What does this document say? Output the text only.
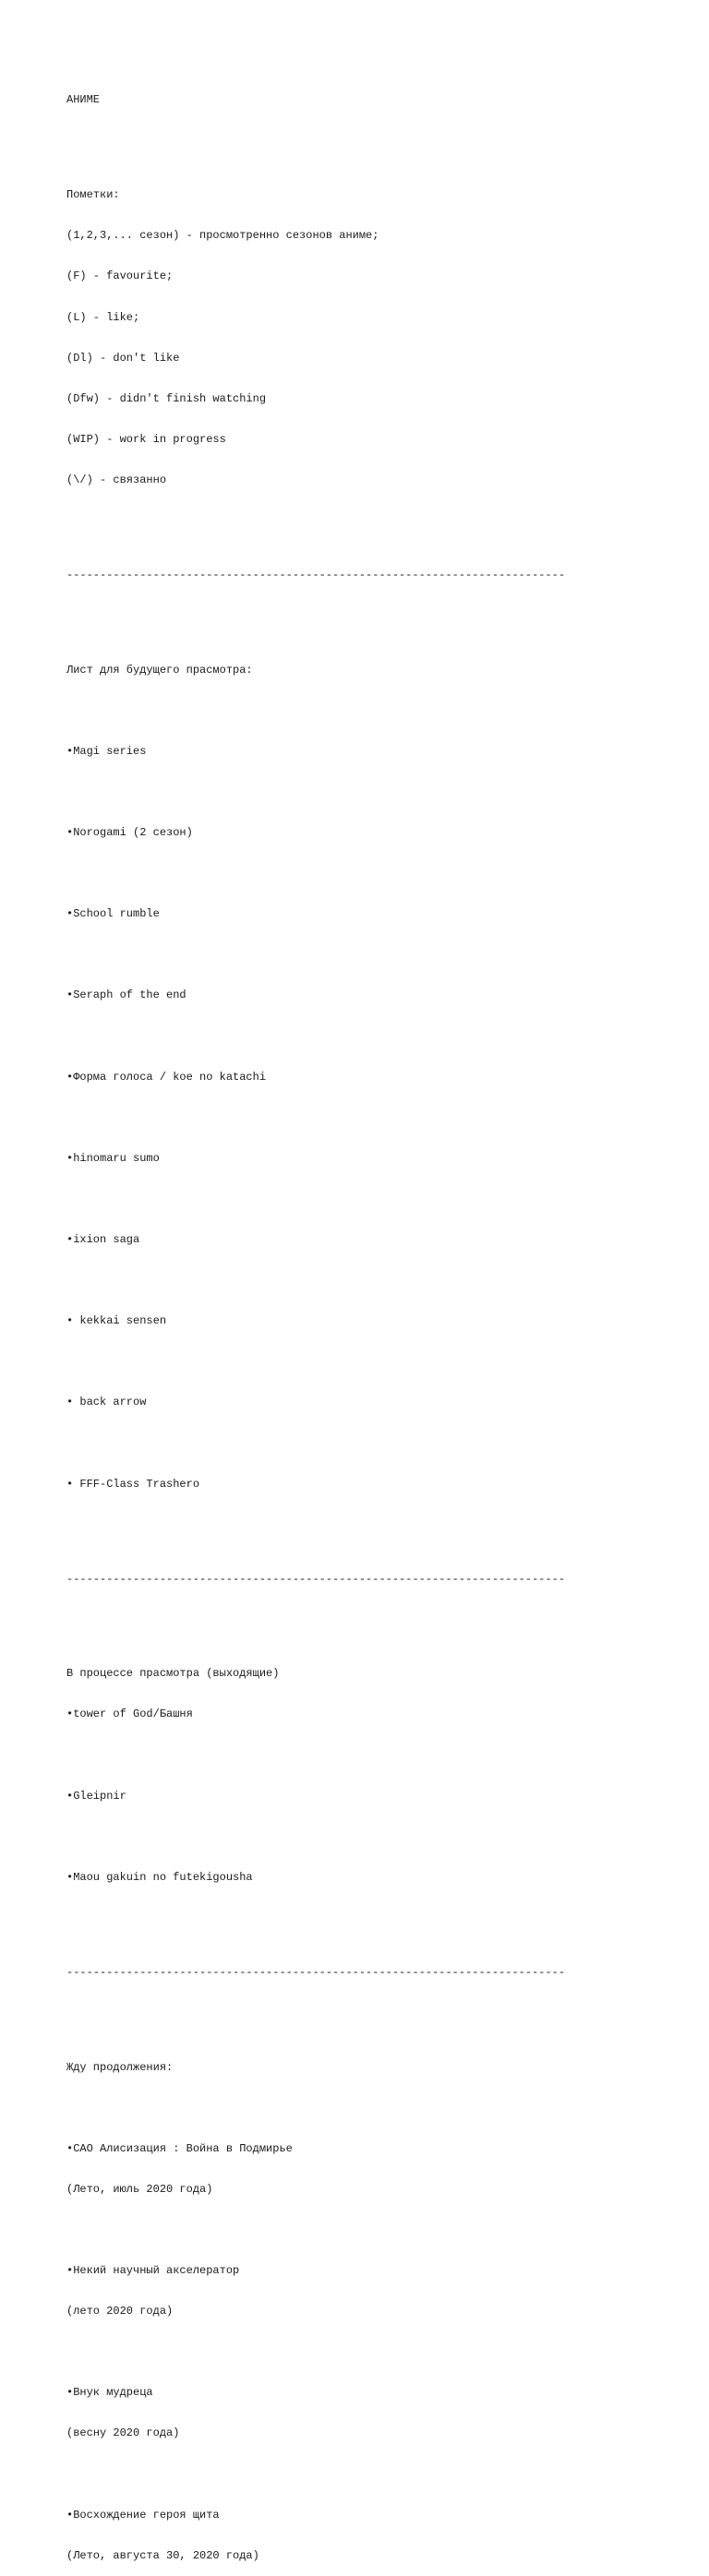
АНИМЕ

Пометки:

(1,2,3,... сезон) - просмотренно сезонов аниме;

(F) - favourite;

(L) - like;

(Dl) - don't like

(Dfw) - didn't finish watching

(WIP) - work in progress

(\/) - связанно

---------------------------------------------------------------------------

Лист для будущего прасмотра:

•Magi series

•Norogami (2 сезон)

•School rumble

•Seraph of the end

•Форма голоса / koe no katachi

•hinomaru sumo

•ixion saga

• kekkai sensen

• back arrow

• FFF-Class Trashero

---------------------------------------------------------------------------

В процессе прасмотра (выходящие)

•tower of God/Башня

•Gleipnir

•Maou gakuin no futekigousha

---------------------------------------------------------------------------

Жду продолжения:

•САО Алисизация : Война в Подмирье

(Лето, июль 2020 года)

•Некий научный акселератор

(лето 2020 года)

•Внук мудреца

(весну 2020 года)

•Восхождение героя щита

(Лето, августа 30, 2020 года)
